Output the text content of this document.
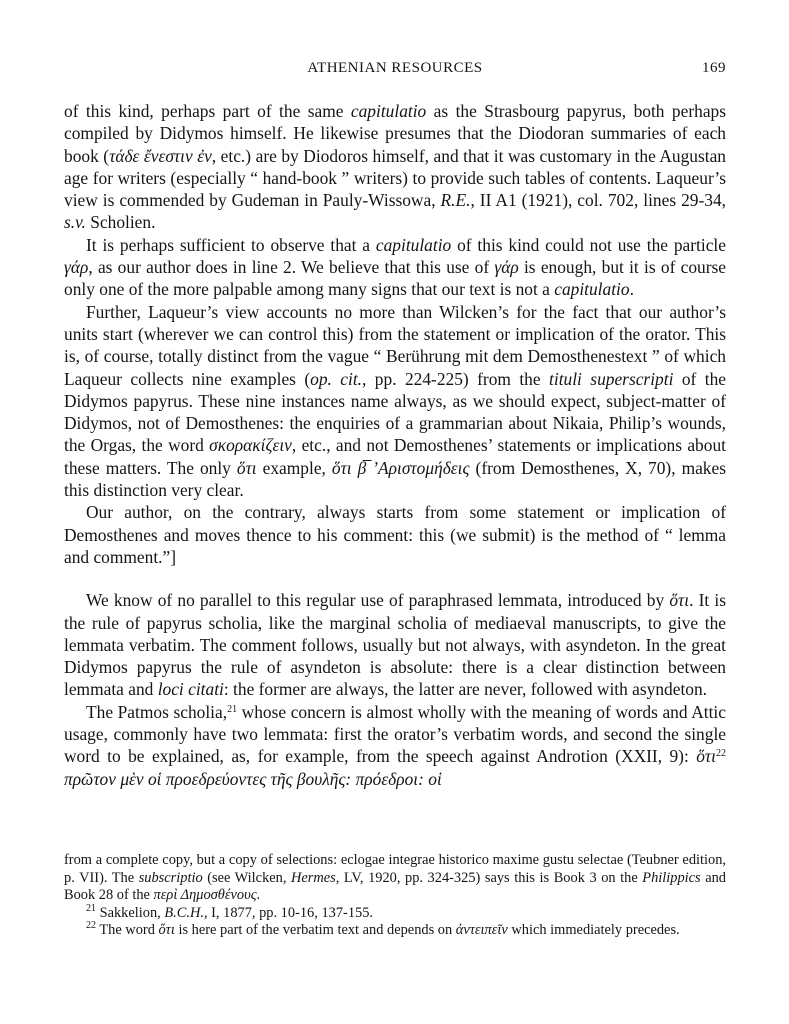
ATHENIAN RESOURCES	169

of this kind, perhaps part of the same capitulatio as the Strasbourg papyrus, both perhaps compiled by Didymos himself. He likewise presumes that the Diodoran summaries of each book (τάδε ἔνεστιν ἐν, etc.) are by Diodoros himself, and that it was customary in the Augustan age for writers (especially “ hand-book ” writers) to provide such tables of contents. Laqueur’s view is commended by Gudeman in Pauly-Wissowa, R.E., II A1 (1921), col. 702, lines 29-34, s.v. Scholien.

It is perhaps sufficient to observe that a capitulatio of this kind could not use the particle γάρ, as our author does in line 2. We believe that this use of γάρ is enough, but it is of course only one of the more palpable among many signs that our text is not a capitulatio.

Further, Laqueur’s view accounts no more than Wilcken’s for the fact that our author’s units start (wherever we can control this) from the statement or implication of the orator. This is, of course, totally distinct from the vague “ Berührung mit dem Demosthenestext ” of which Laqueur collects nine examples (op. cit., pp. 224-225) from the tituli superscripti of the Didymos papyrus. These nine instances name always, as we should expect, subject-matter of Didymos, not of Demosthenes: the enquiries of a grammarian about Nikaia, Philip’s wounds, the Orgas, the word σκορακίζειν, etc., and not Demosthenes’ statements or implications about these matters. The only ὅτι example, ὅτι β̅ ’Αριστομήδεις (from Demosthenes, X, 70), makes this distinction very clear.

Our author, on the contrary, always starts from some statement or implication of Demosthenes and moves thence to his comment: this (we submit) is the method of “ lemma and comment.”]

We know of no parallel to this regular use of paraphrased lemmata, introduced by ὅτι. It is the rule of papyrus scholia, like the marginal scholia of mediaeval manuscripts, to give the lemmata verbatim. The comment follows, usually but not always, with asyndeton. In the great Didymos papyrus the rule of asyndeton is absolute: there is a clear distinction between lemmata and loci citati: the former are always, the latter are never, followed with asyndeton.

The Patmos scholia,$^{21}$ whose concern is almost wholly with the meaning of words and Attic usage, commonly have two lemmata: first the orator’s verbatim words, and second the single word to be explained, as, for example, from the speech against Androtion (XXII, 9): ὅτι$^{22}$ πρῶτον μὲν οἱ προεδρεύοντες τῆς βουλῆς: πρόεδροι: οἱ

from a complete copy, but a copy of selections: eclogae integrae historico maxime gustu selectae (Teubner edition, p. VII). The subscriptio (see Wilcken, Hermes, LV, 1920, pp. 324-325) says this is Book 3 on the Philippics and Book 28 of the περὶ Δημοσθένους.

$^{21}$ Sakkelion, B.C.H., I, 1877, pp. 10-16, 137-155.

$^{22}$ The word ὅτι is here part of the verbatim text and depends on ἀντειπεῖν which immediately precedes.
